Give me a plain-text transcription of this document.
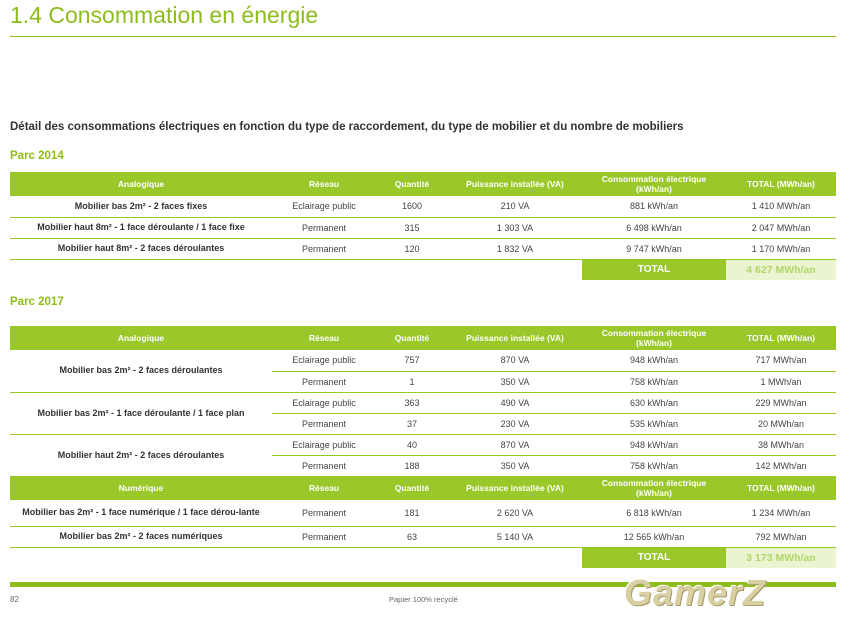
1.4 Consommation en énergie
Détail des consommations électriques en fonction du type de raccordement, du type de mobilier et du nombre de mobiliers
Parc 2014
Analogique	Réseau	Quantité	Puissance installée (VA)	Consommation électrique (kWh/an)	TOTAL (MWh/an)
Mobilier bas 2m² - 2 faces fixes	Eclairage public	1600	210 VA	881 kWh/an	1 410 MWh/an
Mobilier haut 8m² - 1 face déroulante / 1 face fixe	Permanent	315	1 303 VA	6 498 kWh/an	2 047 MWh/an
Mobilier haut 8m² - 2 faces déroulantes	Permanent	120	1 832 VA	9 747 kWh/an	1 170 MWh/an
				TOTAL	4 627 MWh/an
Parc 2017
Analogique	Réseau	Quantité	Puissance installée (VA)	Consommation électrique (kWh/an)	TOTAL (MWh/an)
Mobilier bas 2m² - 2 faces déroulantes	Eclairage public	757	870 VA	948 kWh/an	717 MWh/an
	Permanent	1	350 VA	758 kWh/an	1 MWh/an
Mobilier bas 2m² - 1 face déroulante / 1 face plan	Eclairage public	363	490 VA	630 kWh/an	229 MWh/an
	Permanent	37	230 VA	535 kWh/an	20 MWh/an
Mobilier haut 2m² - 2 faces déroulantes	Eclairage public	40	870 VA	948 kWh/an	38 MWh/an
	Permanent	188	350 VA	758 kWh/an	142 MWh/an
Numérique	Réseau	Quantité	Puissance installée (VA)	Consommation électrique (kWh/an)	TOTAL (MWh/an)
Mobilier bas 2m² - 1 face numérique / 1 face dérou-lante	Permanent	181	2 620 VA	6 818 kWh/an	1 234 MWh/an
Mobilier bas 2m² - 2 faces numériques	Permanent	63	5 140 VA	12 565 kWh/an	792 MWh/an
				TOTAL	3 173 MWh/an
82	Papier 100% recyclé	GamerZ
